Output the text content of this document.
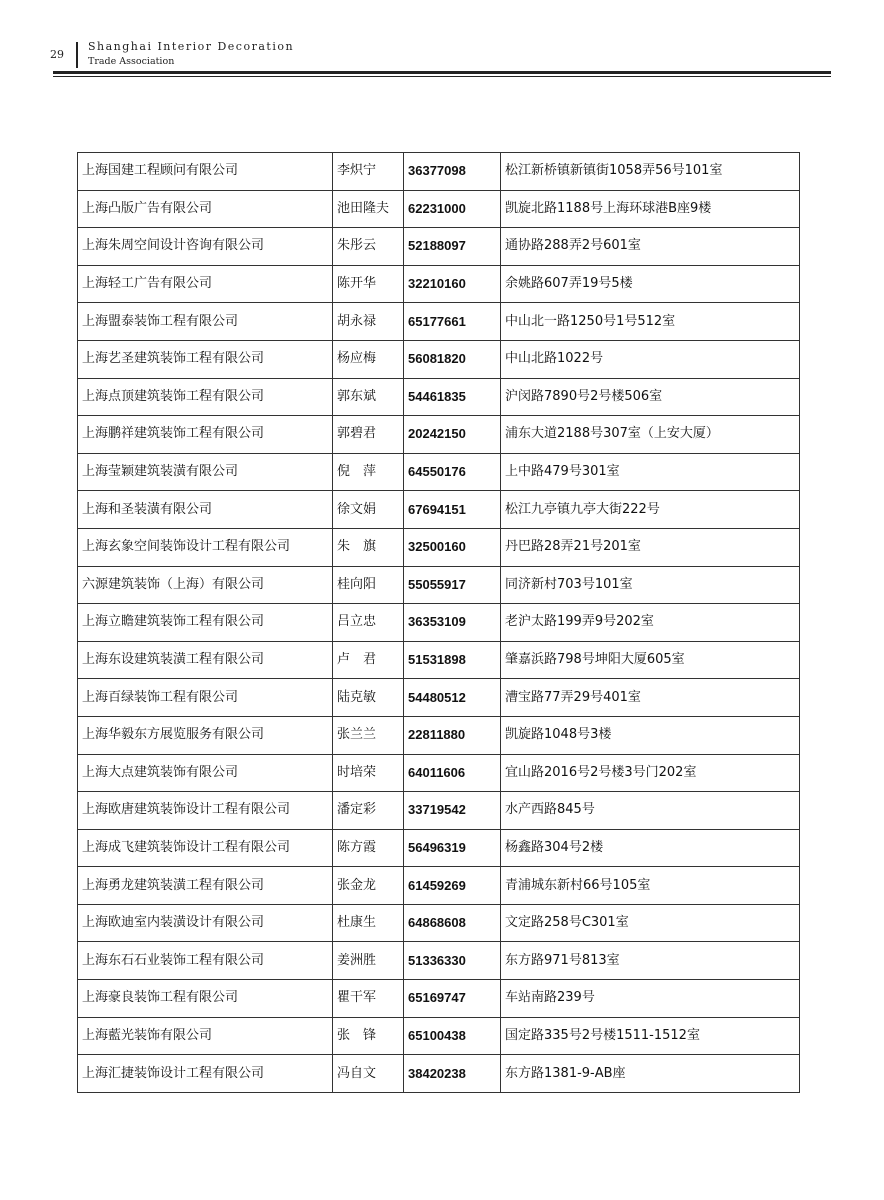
29
Shanghai Interior Decoration
Trade Association
上海国建工程顾问有限公司	李炽宁	36377098	松江新桥镇新镇街1058弄56号101室
上海凸版广告有限公司	池田隆夫	62231000	凯旋北路1188号上海环球港B座9楼
上海朱周空间设计咨询有限公司	朱彤云	52188097	通协路288弄2号601室
上海轻工广告有限公司	陈开华	32210160	余姚路607弄19号5楼
上海盟泰装饰工程有限公司	胡永禄	65177661	中山北一路1250号1号512室
上海艺圣建筑装饰工程有限公司	杨应梅	56081820	中山北路1022号
上海点顶建筑装饰工程有限公司	郭东斌	54461835	沪闵路7890号2号楼506室
上海鹏祥建筑装饰工程有限公司	郭碧君	20242150	浦东大道2188号307室（上安大厦）
上海莹颖建筑装潢有限公司	倪　萍	64550176	上中路479号301室
上海和圣装潢有限公司	徐文娟	67694151	松江九亭镇九亭大街222号
上海玄象空间装饰设计工程有限公司	朱　旗	32500160	丹巴路28弄21号201室
六源建筑装饰（上海）有限公司	桂向阳	55055917	同济新村703号101室
上海立瞻建筑装饰工程有限公司	吕立忠	36353109	老沪太路199弄9号202室
上海东设建筑装潢工程有限公司	卢　君	51531898	肇嘉浜路798号坤阳大厦605室
上海百绿装饰工程有限公司	陆克敏	54480512	漕宝路77弄29号401室
上海华毅东方展览服务有限公司	张兰兰	22811880	凯旋路1048号3楼
上海大点建筑装饰有限公司	时培荣	64011606	宜山路2016号2号楼3号门202室
上海欧唐建筑装饰设计工程有限公司	潘定彩	33719542	水产西路845号
上海成飞建筑装饰设计工程有限公司	陈方霞	56496319	杨鑫路304号2楼
上海勇龙建筑装潢工程有限公司	张金龙	61459269	青浦城东新村66号105室
上海欧迪室内装潢设计有限公司	杜康生	64868608	文定路258号C301室
上海东石石业装饰工程有限公司	姜洲胜	51336330	东方路971号813室
上海豪良装饰工程有限公司	瞿干军	65169747	车站南路239号
上海藍光装饰有限公司	张　锋	65100438	国定路335号2号楼1511-1512室
上海汇捷装饰设计工程有限公司	冯自文	38420238	东方路1381-9-AB座
